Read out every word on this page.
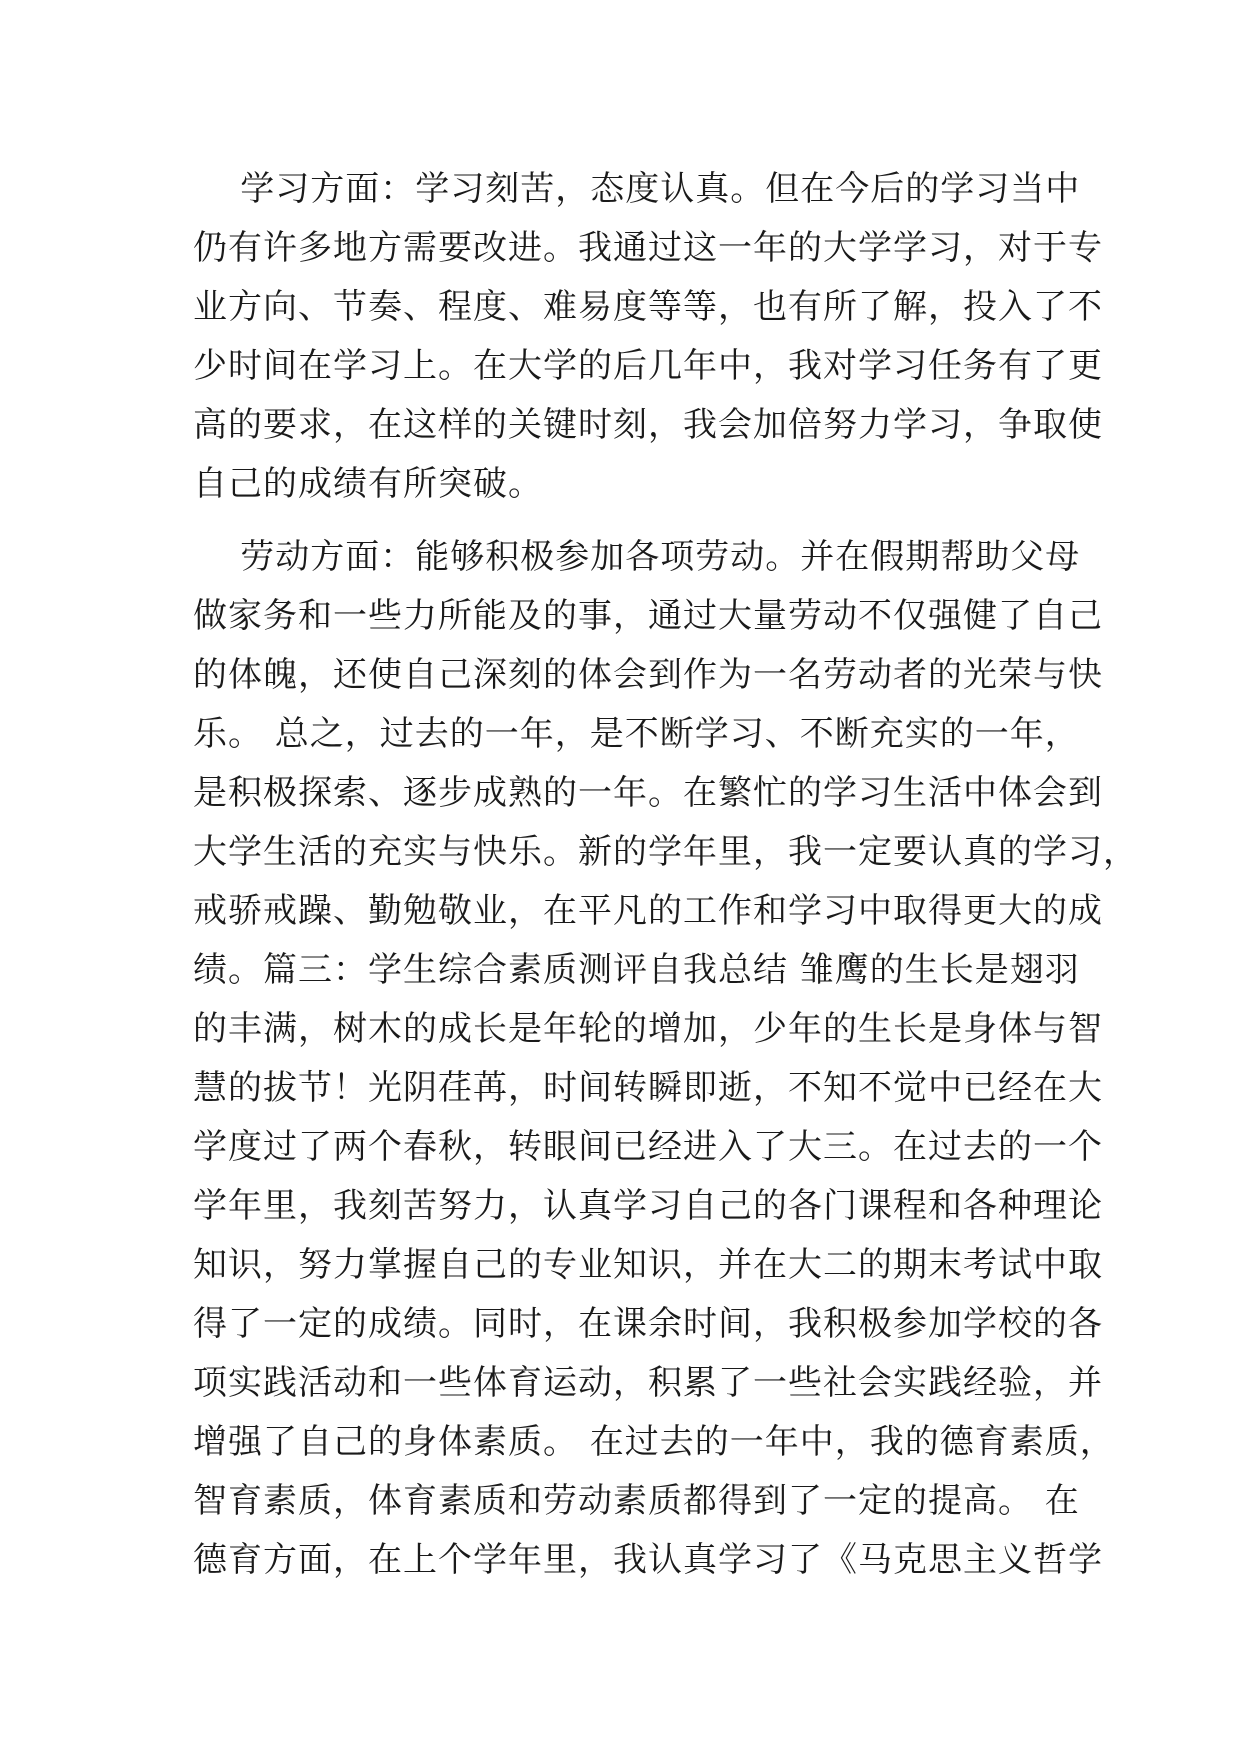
学习方面：学习刻苦，态度认真。但在今后的学习当中
仍有许多地方需要改进。我通过这一年的大学学习，对于专
业方向、节奏、程度、难易度等等，也有所了解，投入了不
少时间在学习上。在大学的后几年中，我对学习任务有了更
高的要求，在这样的关键时刻，我会加倍努力学习，争取使
自己的成绩有所突破。
劳动方面：能够积极参加各项劳动。并在假期帮助父母
做家务和一些力所能及的事，通过大量劳动不仅强健了自己
的体魄，还使自己深刻的体会到作为一名劳动者的光荣与快
乐。 总之，过去的一年，是不断学习、不断充实的一年，
是积极探索、逐步成熟的一年。在繁忙的学习生活中体会到
大学生活的充实与快乐。新的学年里，我一定要认真的学习，
戒骄戒躁、勤勉敬业，在平凡的工作和学习中取得更大的成
绩。篇三：学生综合素质测评自我总结 雏鹰的生长是翅羽
的丰满，树木的成长是年轮的增加，少年的生长是身体与智
慧的拔节！光阴荏苒，时间转瞬即逝，不知不觉中已经在大
学度过了两个春秋，转眼间已经进入了大三。在过去的一个
学年里，我刻苦努力，认真学习自己的各门课程和各种理论
知识，努力掌握自己的专业知识，并在大二的期末考试中取
得了一定的成绩。同时，在课余时间，我积极参加学校的各
项实践活动和一些体育运动，积累了一些社会实践经验，并
增强了自己的身体素质。 在过去的一年中，我的德育素质，
智育素质，体育素质和劳动素质都得到了一定的提高。 在
德育方面，在上个学年里，我认真学习了《马克思主义哲学
